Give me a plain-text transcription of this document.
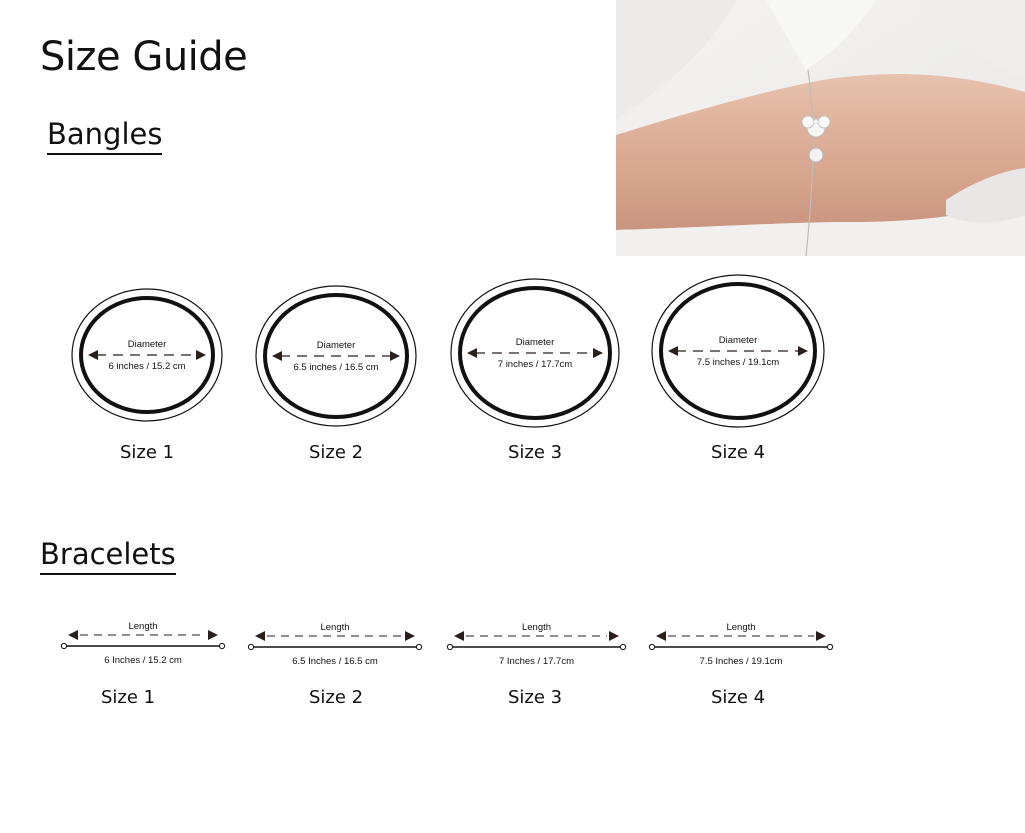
Size Guide
Bangles
Diameter
6 inches / 15.2 cm
Size 1
Diameter
6.5 inches / 16.5 cm
Size 2
Diameter
7 inches / 17.7cm
Size 3
Diameter
7.5 inches / 19.1cm
Size 4
Bracelets
Length
6 Inches / 15.2 cm
Size 1
Length
6.5 Inches / 16.5 cm
Size 2
Length
7 Inches / 17.7cm
Size 3
Length
7.5 Inches / 19.1cm
Size 4
